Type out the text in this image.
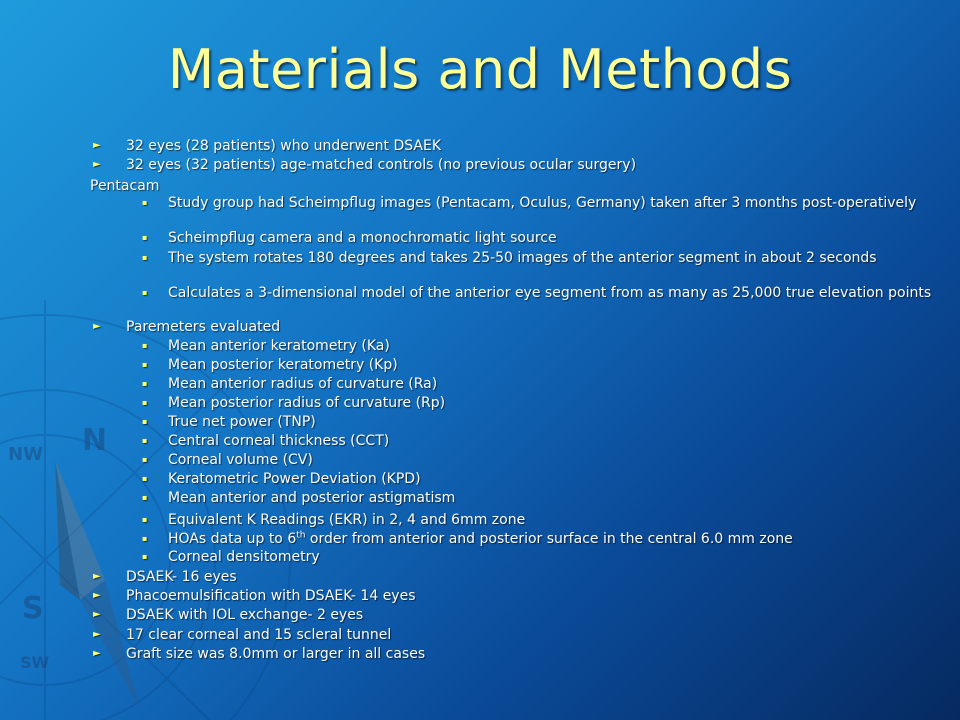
N
S
NW
SW
Materials and Methods
► 32 eyes (28 patients) who underwent DSAEK
► 32 eyes (32 patients) age-matched controls (no previous ocular surgery)
Pentacam
▪ Study group had Scheimpflug images (Pentacam, Oculus, Germany) taken after 3 months post-operatively
▪ Scheimpflug camera and a monochromatic light source
▪ The system rotates 180 degrees and takes 25-50 images of the anterior segment in about 2 seconds
▪ Calculates a 3-dimensional model of the anterior eye segment from as many as 25,000 true elevation points
► Paremeters evaluated
▪ Mean anterior keratometry (Ka)
▪ Mean posterior keratometry (Kp)
▪ Mean anterior radius of curvature (Ra)
▪ Mean posterior radius of curvature (Rp)
▪ True net power (TNP)
▪ Central corneal thickness (CCT)
▪ Corneal volume (CV)
▪ Keratometric Power Deviation (KPD)
▪ Mean anterior and posterior astigmatism
▪ Equivalent K Readings (EKR) in 2, 4 and 6mm zone
▪ HOAs data up to 6th order from anterior and posterior surface in the central 6.0 mm zone
▪ Corneal densitometry
► DSAEK- 16 eyes
► Phacoemulsification with DSAEK- 14 eyes
► DSAEK with IOL exchange- 2 eyes
► 17 clear corneal and 15 scleral tunnel
► Graft size was 8.0mm or larger in all cases
